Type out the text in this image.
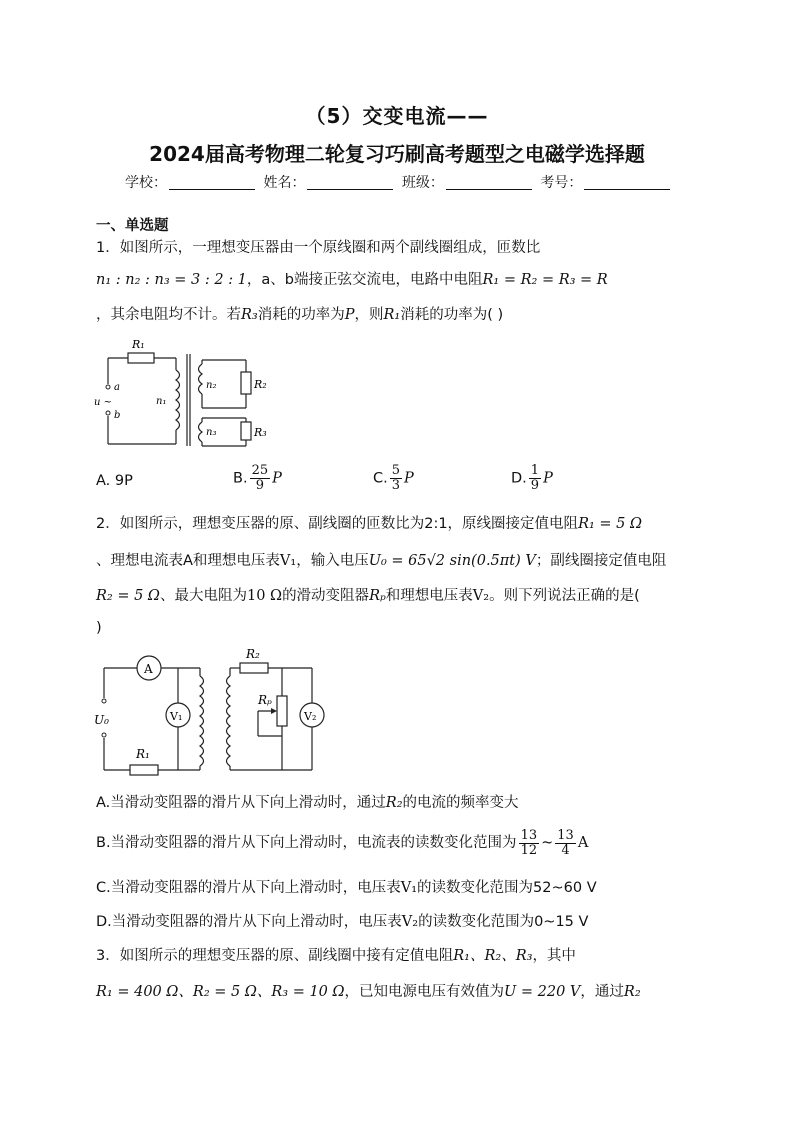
（5）交变电流——
2024届高考物理二轮复习巧刷高考题型之电磁学选择题
学校：	姓名：	班级：	考号：
一、单选题
1．如图所示，一理想变压器由一个原线圈和两个副线圈组成，匝数比
n₁ : n₂ : n₃ = 3 : 2 : 1，a、b端接正弦交流电，电路中电阻R₁ = R₂ = R₃ = R
，其余电阻均不计。若R₃消耗的功率为P，则R₁消耗的功率为( )
R₁
a
u ~
b
n₁
n₂
n₃
R₂
R₃
A. 9P	B. $\frac{25}{9}$ P	C. $\frac{5}{3}$ P	D. $\frac{1}{9}$ P
2．如图所示，理想变压器的原、副线圈的匝数比为2:1，原线圈接定值电阻R₁ = 5 Ω
、理想电流表A和理想电压表V₁，输入电压U₀ = 65√2 sin(0.5πt) V；副线圈接定值电阻
R₂ = 5 Ω、最大电阻为10 Ω的滑动变阻器Rₚ和理想电压表V₂。则下列说法正确的是(
)
A
V₁	V₂
U₀
R₁
R₂
Rₚ
A.当滑动变阻器的滑片从下向上滑动时，通过R₂的电流的频率变大
B.当滑动变阻器的滑片从下向上滑动时，电流表的读数变化范围为 $\frac{13}{12}$ ~ $\frac{13}{4}$ A
C.当滑动变阻器的滑片从下向上滑动时，电压表V₁的读数变化范围为52~60 V
D.当滑动变阻器的滑片从下向上滑动时，电压表V₂的读数变化范围为0~15 V
3．如图所示的理想变压器的原、副线圈中接有定值电阻R₁、R₂、R₃，其中
R₁ = 400 Ω、R₂ = 5 Ω、R₃ = 10 Ω，已知电源电压有效值为U = 220 V，通过R₂
